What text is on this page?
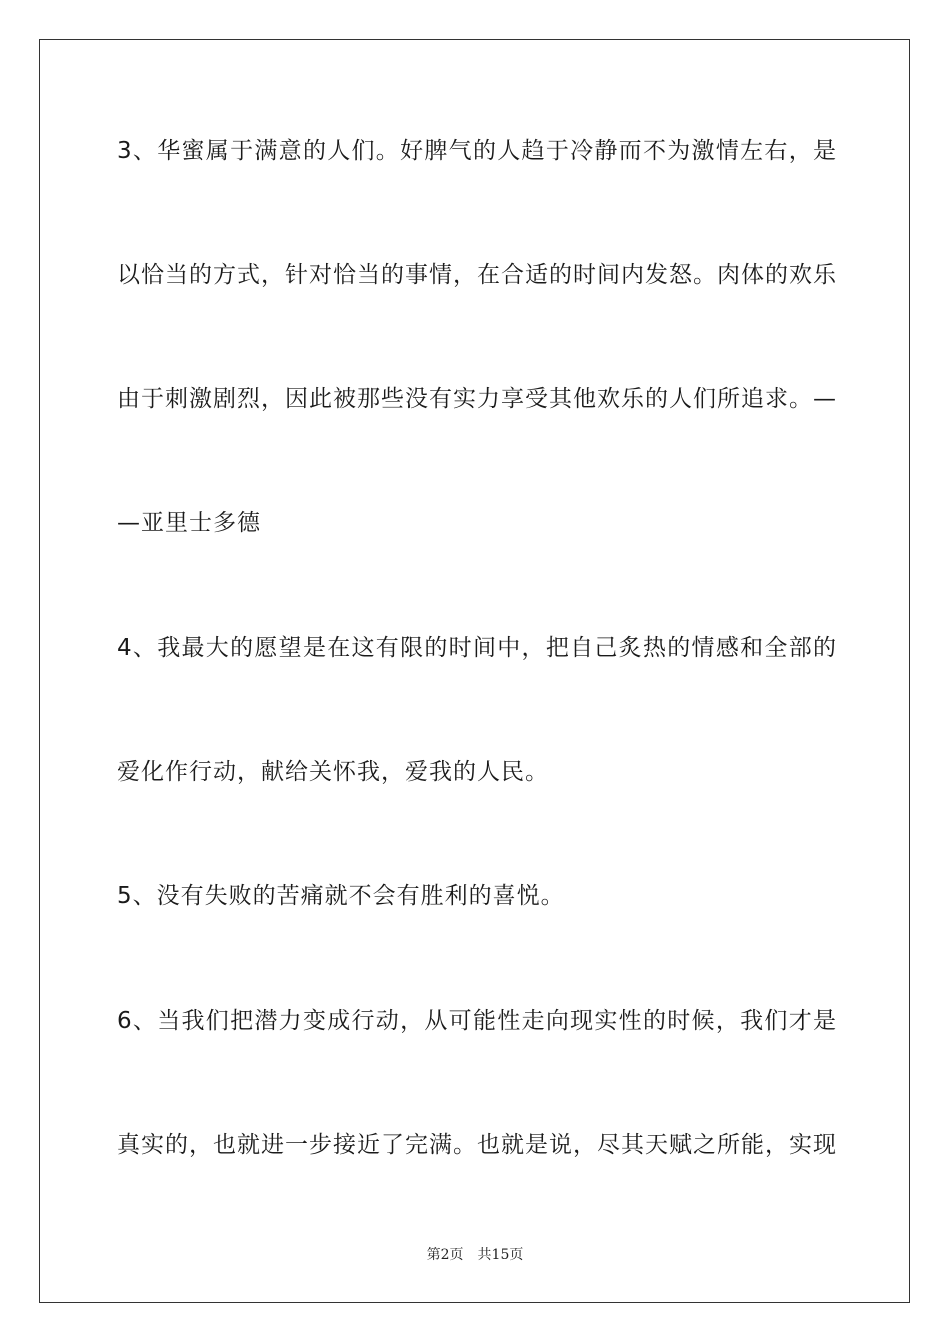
3、华蜜属于满意的人们。好脾气的人趋于冷静而不为激情左右，是
以恰当的方式，针对恰当的事情，在合适的时间内发怒。肉体的欢乐
由于刺激剧烈，因此被那些没有实力享受其他欢乐的人们所追求。—
—亚里士多德
4、我最大的愿望是在这有限的时间中，把自己炙热的情感和全部的
爱化作行动，献给关怀我，爱我的人民。
5、没有失败的苦痛就不会有胜利的喜悦。
6、当我们把潜力变成行动，从可能性走向现实性的时候，我们才是
真实的，也就进一步接近了完满。也就是说，尽其天赋之所能，实现
第2页 共15页
